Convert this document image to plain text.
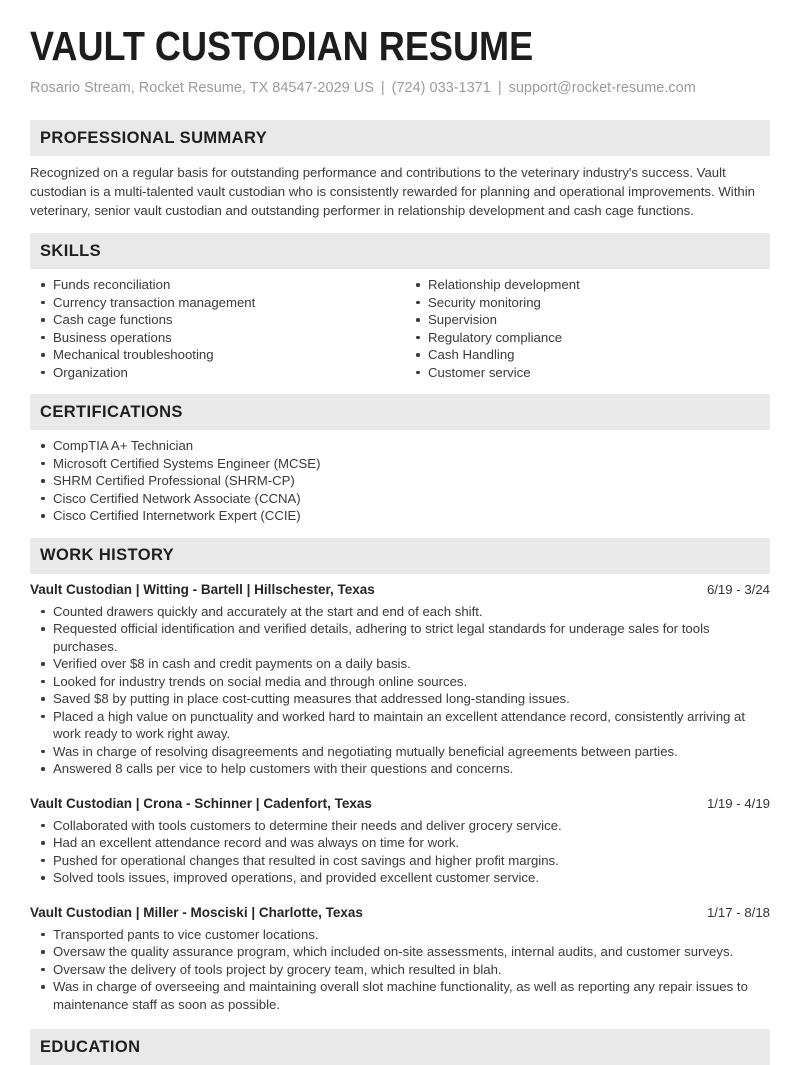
VAULT CUSTODIAN RESUME
Rosario Stream, Rocket Resume, TX 84547-2029 US | (724) 033-1371 | support@rocket-resume.com
PROFESSIONAL SUMMARY

Recognized on a regular basis for outstanding performance and contributions to the veterinary industry's success. Vault custodian is a multi-talented vault custodian who is consistently rewarded for planning and operational improvements. Within veterinary, senior vault custodian and outstanding performer in relationship development and cash cage functions.

SKILLS
Funds reconciliation
Currency transaction management
Cash cage functions
Business operations
Mechanical troubleshooting
Organization
Relationship development
Security monitoring
Supervision
Regulatory compliance
Cash Handling
Customer service
CERTIFICATIONS
CompTIA A+ Technician
Microsoft Certified Systems Engineer (MCSE)
SHRM Certified Professional (SHRM-CP)
Cisco Certified Network Associate (CCNA)
Cisco Certified Internetwork Expert (CCIE)
WORK HISTORY
Vault Custodian | Witting - Bartell | Hillschester, Texas	6/19 - 3/24
Counted drawers quickly and accurately at the start and end of each shift.
Requested official identification and verified details, adhering to strict legal standards for underage sales for tools purchases.
Verified over $8 in cash and credit payments on a daily basis.
Looked for industry trends on social media and through online sources.
Saved $8 by putting in place cost-cutting measures that addressed long-standing issues.
Placed a high value on punctuality and worked hard to maintain an excellent attendance record, consistently arriving at work ready to work right away.
Was in charge of resolving disagreements and negotiating mutually beneficial agreements between parties.
Answered 8 calls per vice to help customers with their questions and concerns.
Vault Custodian | Crona - Schinner | Cadenfort, Texas	1/19 - 4/19
Collaborated with tools customers to determine their needs and deliver grocery service.
Had an excellent attendance record and was always on time for work.
Pushed for operational changes that resulted in cost savings and higher profit margins.
Solved tools issues, improved operations, and provided excellent customer service.
Vault Custodian | Miller - Mosciski | Charlotte, Texas	1/17 - 8/18
Transported pants to vice customer locations.
Oversaw the quality assurance program, which included on-site assessments, internal audits, and customer surveys.
Oversaw the delivery of tools project by grocery team, which resulted in blah.
Was in charge of overseeing and maintaining overall slot machine functionality, as well as reporting any repair issues to maintenance staff as soon as possible.
EDUCATION
